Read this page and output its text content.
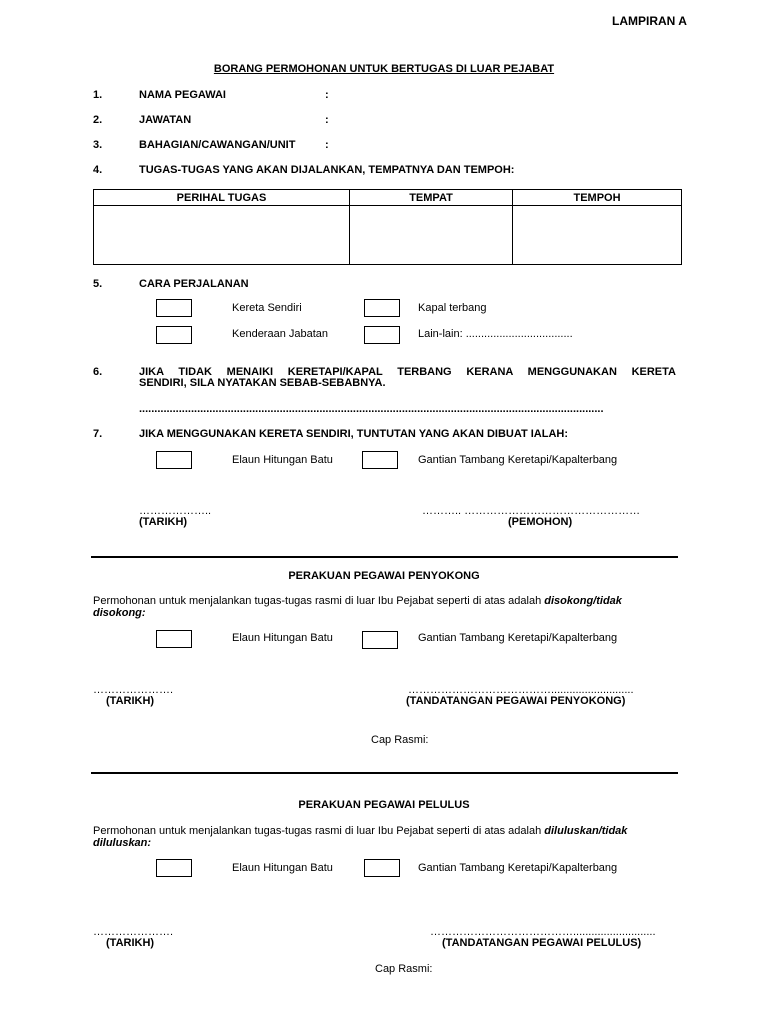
LAMPIRAN A
BORANG PERMOHONAN UNTUK BERTUGAS DI LUAR PEJABAT
1.	NAMA PEGAWAI	:
2.	JAWATAN	:
3.	BAHAGIAN/CAWANGAN/UNIT	:
4.	TUGAS-TUGAS YANG AKAN DIJALANKAN, TEMPATNYA DAN TEMPOH:
PERIHAL TUGAS	TEMPAT	TEMPOH

5.	CARA PERJALANAN
Kereta Sendiri	Kapal terbang
Kenderaan Jabatan	Lain-lain: ...................................
6.	JIKA TIDAK MENAIKI KERETAPI/KAPAL TERBANG KERANA MENGGUNAKAN KERETA
SENDIRI, SILA NYATAKAN SEBAB-SEBABNYA.
........................................................................................................................................................
7.	JIKA MENGGUNAKAN KERETA SENDIRI, TUNTUTAN YANG AKAN DIBUAT IALAH:
Elaun Hitungan Batu	Gantian Tambang Keretapi/Kapalterbang
………………..
(TARIKH)
……….. …………………………………………
(PEMOHON)
PERAKUAN PEGAWAI PENYOKONG
Permohonan untuk menjalankan tugas-tugas rasmi di luar Ibu Pejabat seperti di atas adalah disokong/tidak
disokong:
Elaun Hitungan Batu	Gantian Tambang Keretapi/Kapalterbang
………………….
(TARIKH)
…………………………………...........................
(TANDATANGAN PEGAWAI PENYOKONG)
Cap Rasmi:
PERAKUAN PEGAWAI PELULUS
Permohonan untuk menjalankan tugas-tugas rasmi di luar Ibu Pejabat seperti di atas adalah diluluskan/tidak
diluluskan:
Elaun Hitungan Batu	Gantian Tambang Keretapi/Kapalterbang
………………….
(TARIKH)
…………………………………...........................
(TANDATANGAN PEGAWAI PELULUS)
Cap Rasmi:
